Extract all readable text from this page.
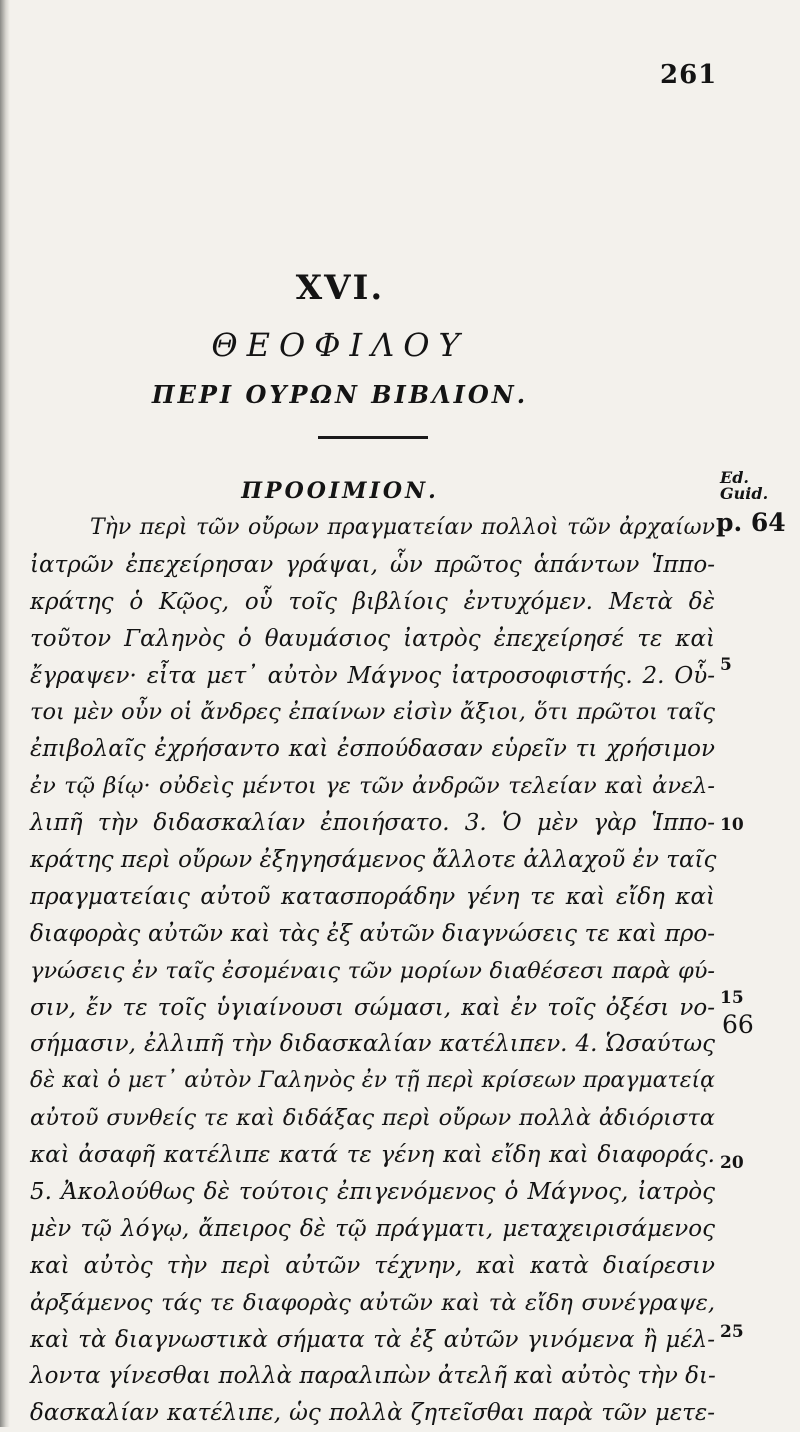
261
XVI.
ΘΕΟΦΙΛΟΥ
ΠΕΡΙ ΟΥΡΩΝ ΒΙΒΛΙΟΝ.
ΠΡΟΟΙΜΙΟΝ.
Ed.
Guid.
p. 64
66
Τὴν περὶ τῶν οὔρων πραγματείαν πολλοὶ τῶν ἀρχαίων
ἰατρῶν ἐπεχείρησαν γράψαι, ὧν πρῶτος ἁπάντων Ἱππο-
κράτης ὁ Κῷος, οὗ τοῖς βιβλίοις ἐντυχόμεν. Μετὰ δὲ
τοῦτον Γαληνὸς ὁ θαυμάσιος ἰατρὸς ἐπεχείρησέ τε καὶ
ἔγραψεν· εἶτα μετ᾽ αὐτὸν Μάγνος ἰατροσοφιστής. 2. Οὗ-
τοι μὲν οὖν οἱ ἄνδρες ἐπαίνων εἰσὶν ἄξιοι, ὅτι πρῶτοι ταῖς
ἐπιβολαῖς ἐχρήσαντο καὶ ἐσπούδασαν εὑρεῖν τι χρήσιμον
ἐν τῷ βίῳ· οὐδεὶς μέντοι γε τῶν ἀνδρῶν τελείαν καὶ ἀνελ-
λιπῆ τὴν διδασκαλίαν ἐποιήσατο. 3. Ὁ μὲν γὰρ Ἱππο-
κράτης περὶ οὔρων ἐξηγησάμενος ἄλλοτε ἀλλαχοῦ ἐν ταῖς
πραγματείαις αὐτοῦ κατασποράδην γένη τε καὶ εἴδη καὶ
διαφορὰς αὐτῶν καὶ τὰς ἐξ αὐτῶν διαγνώσεις τε καὶ προ-
γνώσεις ἐν ταῖς ἐσομέναις τῶν μορίων διαθέσεσι παρὰ φύ-
σιν, ἔν τε τοῖς ὑγιαίνουσι σώμασι, καὶ ἐν τοῖς ὀξέσι νο-
σήμασιν, ἐλλιπῆ τὴν διδασκαλίαν κατέλιπεν. 4. Ὡσαύτως
δὲ καὶ ὁ μετ᾽ αὐτὸν Γαληνὸς ἐν τῇ περὶ κρίσεων πραγματείᾳ
αὐτοῦ συνθείς τε καὶ διδάξας περὶ οὔρων πολλὰ ἀδιόριστα
καὶ ἀσαφῆ κατέλιπε κατά τε γένη καὶ εἴδη καὶ διαφοράς.
5. Ἀκολούθως δὲ τούτοις ἐπιγενόμενος ὁ Μάγνος, ἰατρὸς
μὲν τῷ λόγῳ, ἄπειρος δὲ τῷ πράγματι, μεταχειρισάμενος
καὶ αὐτὸς τὴν περὶ αὐτῶν τέχνην, καὶ κατὰ διαίρεσιν
ἀρξάμενος τάς τε διαφορὰς αὐτῶν καὶ τὰ εἴδη συνέγραψε,
καὶ τὰ διαγνωστικὰ σήματα τὰ ἐξ αὐτῶν γινόμενα ἢ μέλ-
λοντα γίνεσθαι πολλὰ παραλιπὼν ἀτελῆ καὶ αὐτὸς τὴν δι-
δασκαλίαν κατέλιπε, ὡς πολλὰ ζητεῖσθαι παρὰ τῶν μετε-
5
10
15
20
25
